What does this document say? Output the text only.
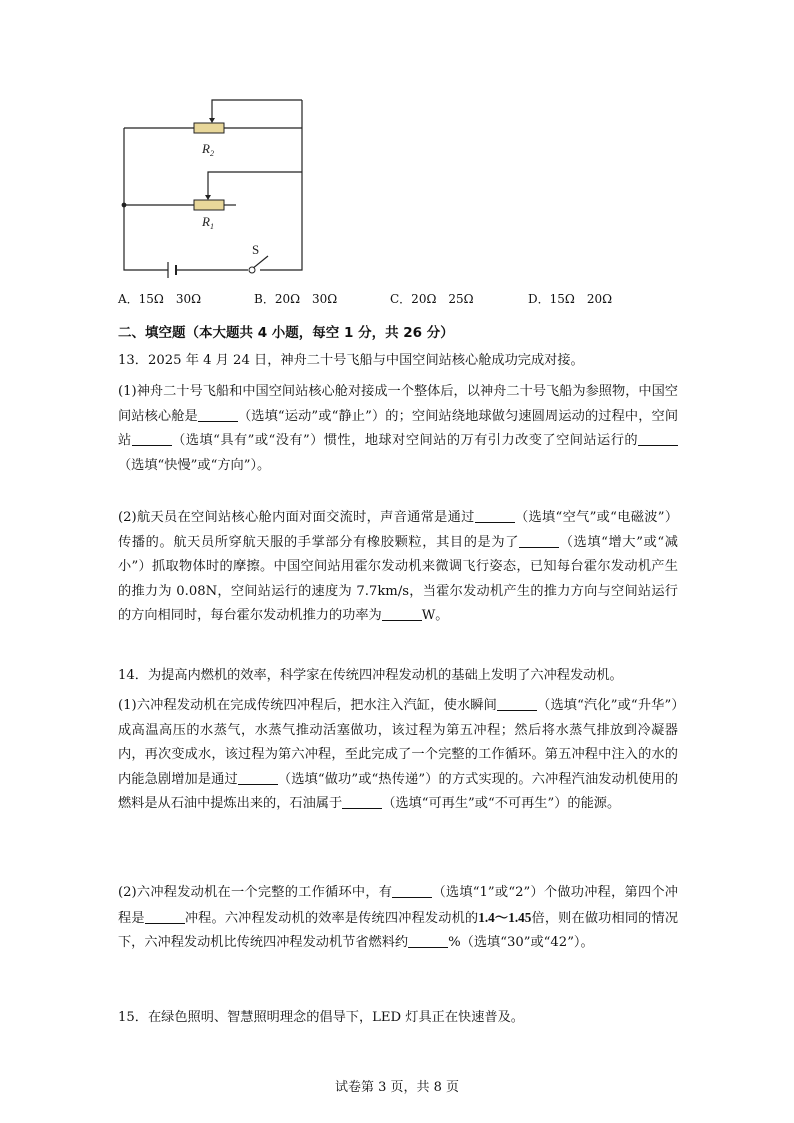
$R_2$
$R_1$
S
A．15Ω　30Ω	B．20Ω　30Ω	C．20Ω　25Ω	D．15Ω　20Ω
二、填空题（本大题共 4 小题，每空 1 分，共 26 分）
13．2025 年 4 月 24 日，神舟二十号飞船与中国空间站核心舱成功完成对接。
(1)神舟二十号飞船和中国空间站核心舱对接成一个整体后，以神舟二十号飞船为参照物，中国空间站核心舱是	（选填“运动”或“静止”）的；空间站绕地球做匀速圆周运动的过程中，空间站	（选填“具有”或“没有”）惯性，地球对空间站的万有引力改变了空间站运行的（选填“快慢”或“方向”）。
(2)航天员在空间站核心舱内面对面交流时，声音通常是通过	（选填“空气”或“电磁波”）传播的。航天员所穿航天服的手掌部分有橡胶颗粒，其目的是为了	（选填“增大”或“减小”）抓取物体时的摩擦。中国空间站用霍尔发动机来微调飞行姿态，已知每台霍尔发动机产生的推力为 0.08N，空间站运行的速度为 7.7km/s，当霍尔发动机产生的推力方向与空间站运行的方向相同时，每台霍尔发动机推力的功率为	W。
14．为提高内燃机的效率，科学家在传统四冲程发动机的基础上发明了六冲程发动机。
(1)六冲程发动机在完成传统四冲程后，把水注入汽缸，使水瞬间	（选填“汽化”或“升华”）成高温高压的水蒸气，水蒸气推动活塞做功，该过程为第五冲程；然后将水蒸气排放到冷凝器内，再次变成水，该过程为第六冲程，至此完成了一个完整的工作循环。第五冲程中注入的水的内能急剧增加是通过	（选填“做功”或“热传递”）的方式实现的。六冲程汽油发动机使用的燃料是从石油中提炼出来的，石油属于	（选填“可再生”或“不可再生”）的能源。
(2)六冲程发动机在一个完整的工作循环中，有	（选填“1”或“2”）个做功冲程，第四个冲程是	冲程。六冲程发动机的效率是传统四冲程发动机的1.4～1.45倍，则在做功相同的情况下，六冲程发动机比传统四冲程发动机节省燃料约	%（选填“30”或“42”）。
15．在绿色照明、智慧照明理念的倡导下，LED 灯具正在快速普及。
试卷第 3 页，共 8 页
